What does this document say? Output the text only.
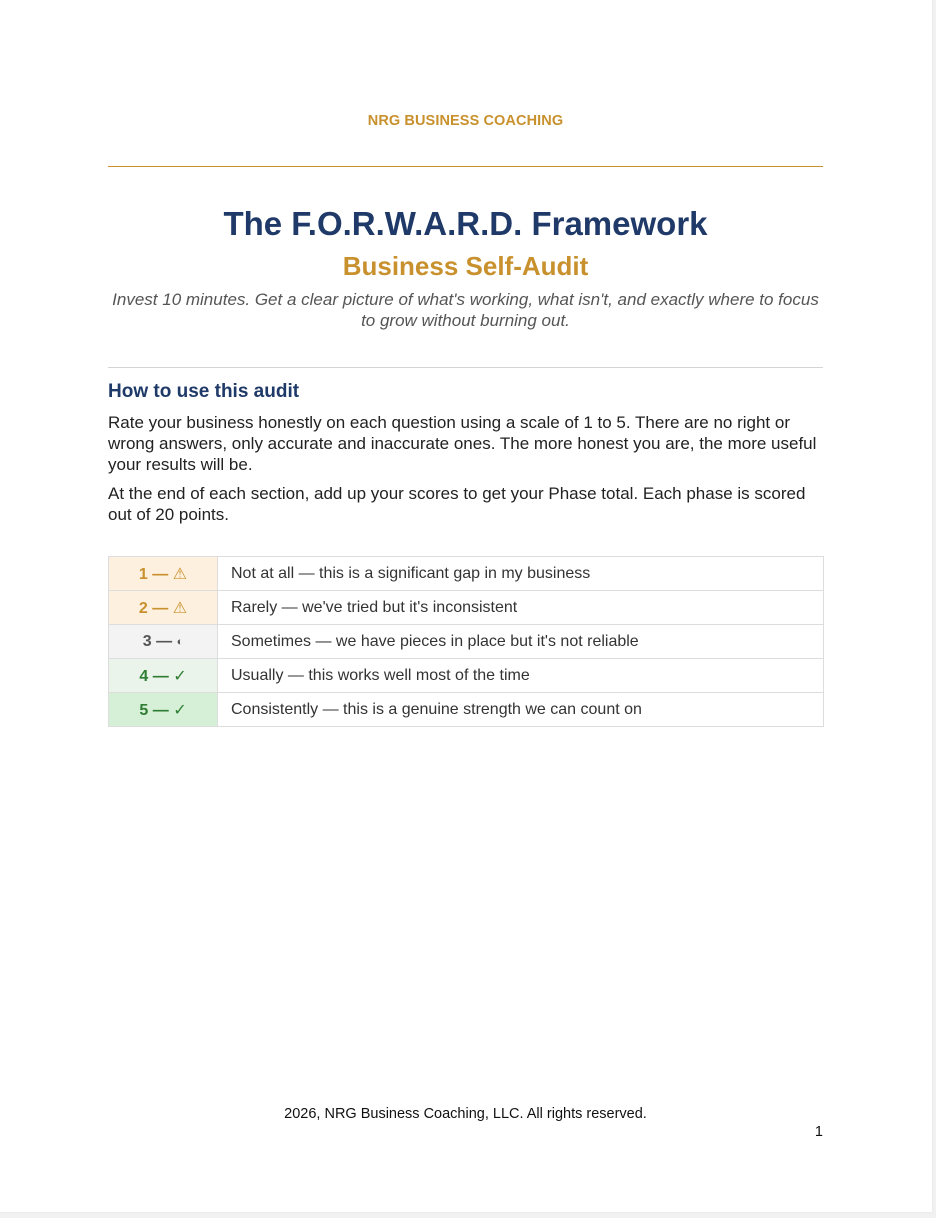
NRG BUSINESS COACHING
The F.O.R.W.A.R.D. Framework
Business Self-Audit
Invest 10 minutes. Get a clear picture of what's working, what isn't, and exactly where to focus to grow without burning out.
How to use this audit

Rate your business honestly on each question using a scale of 1 to 5. There are no right or wrong answers, only accurate and inaccurate ones. The more honest you are, the more useful your results will be.

At the end of each section, add up your scores to get your Phase total. Each phase is scored out of 20 points.

1 — ⚠	Not at all — this is a significant gap in my business
2 — ⚠	Rarely — we've tried but it's inconsistent
3 — ◐	Sometimes — we have pieces in place but it's not reliable
4 — ✓	Usually — this works well most of the time
5 — ✓	Consistently — this is a genuine strength we can count on
2026, NRG Business Coaching, LLC. All rights reserved.
1
